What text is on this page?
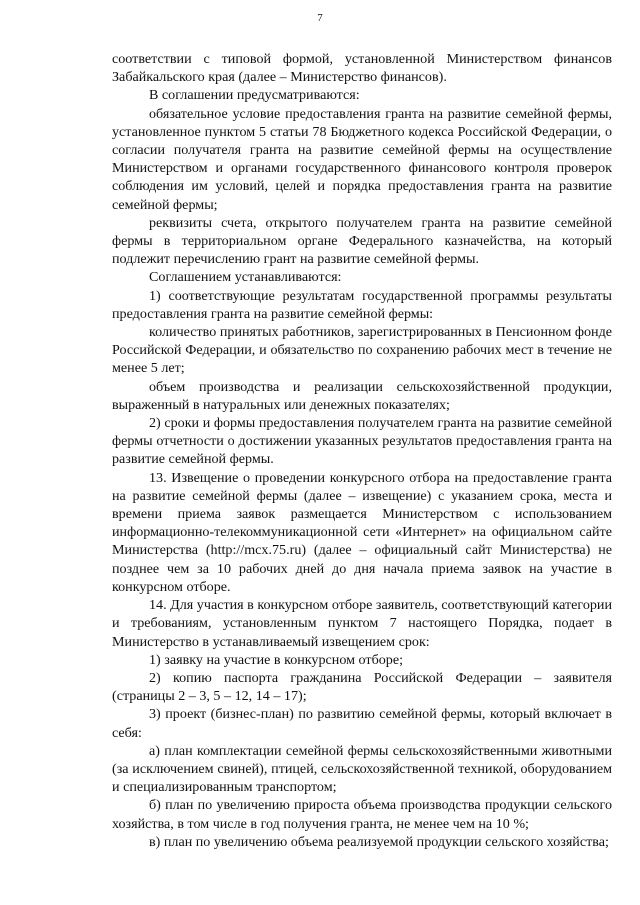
7

соответствии с типовой формой, установленной Министерством финансов Забайкальского края (далее – Министерство финансов).

В соглашении предусматриваются:

обязательное условие предоставления гранта на развитие семейной фермы, установленное пунктом 5 статьи 78 Бюджетного кодекса Российской Федерации, о согласии получателя гранта на развитие семейной фермы на осуществление Министерством и органами государственного финансового контроля проверок соблюдения им условий, целей и порядка предоставления гранта на развитие семейной фермы;

реквизиты счета, открытого получателем гранта на развитие семейной фермы в территориальном органе Федерального казначейства, на который подлежит перечислению грант на развитие семейной фермы.

Соглашением устанавливаются:

1) соответствующие результатам государственной программы результаты предоставления гранта на развитие семейной фермы:

количество принятых работников, зарегистрированных в Пенсионном фонде Российской Федерации, и обязательство по сохранению рабочих мест в течение не менее 5 лет;

объем производства и реализации сельскохозяйственной продукции, выраженный в натуральных или денежных показателях;

2) сроки и формы предоставления получателем гранта на развитие семейной фермы отчетности о достижении указанных результатов предоставления гранта на развитие семейной фермы.

13. Извещение о проведении конкурсного отбора на предоставление гранта на развитие семейной фермы (далее – извещение) с указанием срока, места и времени приема заявок размещается Министерством с использованием информационно-телекоммуникационной сети «Интернет» на официальном сайте Министерства (http://mcx.75.ru) (далее – официальный сайт Министерства) не позднее чем за 10 рабочих дней до дня начала приема заявок на участие в конкурсном отборе.

14. Для участия в конкурсном отборе заявитель, соответствующий категории и требованиям, установленным пунктом 7 настоящего Порядка, подает в Министерство в устанавливаемый извещением срок:

1) заявку на участие в конкурсном отборе;

2) копию паспорта гражданина Российской Федерации – заявителя (страницы 2 – 3, 5 – 12, 14 – 17);

3) проект (бизнес-план) по развитию семейной фермы, который включает в себя:

а) план комплектации семейной фермы сельскохозяйственными животными (за исключением свиней), птицей, сельскохозяйственной техникой, оборудованием и специализированным транспортом;

б) план по увеличению прироста объема производства продукции сельского хозяйства, в том числе в год получения гранта, не менее чем на 10 %;

в) план по увеличению объема реализуемой продукции сельского хозяйства;
